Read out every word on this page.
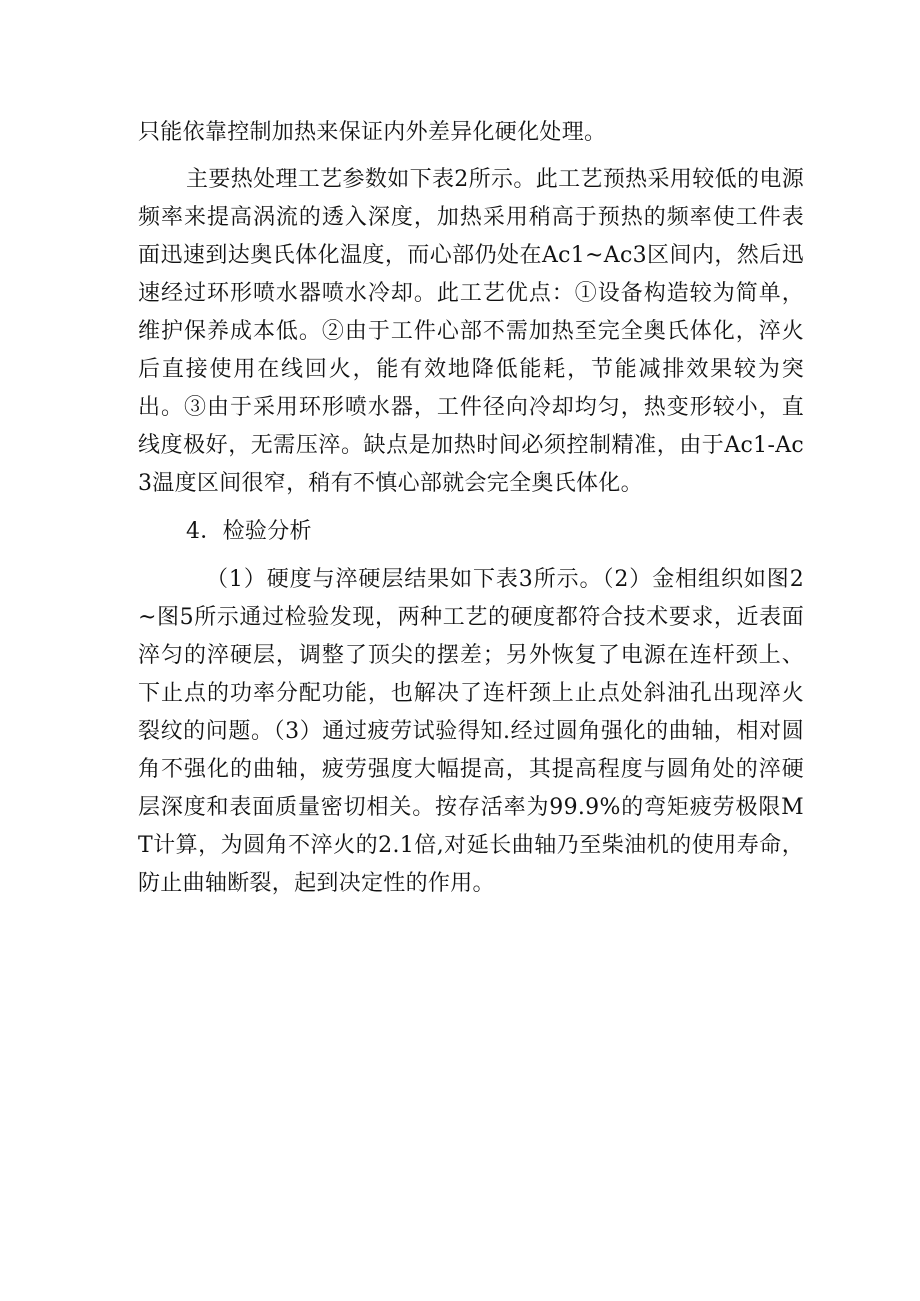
只能依靠控制加热来保证内外差异化硬化处理。

主要热处理工艺参数如下表2所示。此工艺预热采用较低的电源频率来提高涡流的透入深度，加热采用稍高于预热的频率使工件表面迅速到达奥氏体化温度，而心部仍处在Ac1~Ac3区间内，然后迅速经过环形喷水器喷水冷却。此工艺优点：①设备构造较为简单，维护保养成本低。②由于工件心部不需加热至完全奥氏体化，淬火后直接使用在线回火，能有效地降低能耗，节能减排效果较为突出。③由于采用环形喷水器，工件径向冷却均匀，热变形较小，直线度极好，无需压淬。缺点是加热时间必须控制精准，由于Ac1-Ac3温度区间很窄，稍有不慎心部就会完全奥氏体化。

4．检验分析

（1）硬度与淬硬层结果如下表3所示。（2）金相组织如图2~图5所示通过检验发现，两种工艺的硬度都符合技术要求，近表面淬匀的淬硬层，调整了顶尖的摆差；另外恢复了电源在连杆颈上、下止点的功率分配功能，也解决了连杆颈上止点处斜油孔出现淬火裂纹的问题。（3）通过疲劳试验得知.经过圆角强化的曲轴，相对圆角不强化的曲轴，疲劳强度大幅提高，其提高程度与圆角处的淬硬层深度和表面质量密切相关。按存活率为99.9%的弯矩疲劳极限MT计算，为圆角不淬火的2.1倍,对延长曲轴乃至柴油机的使用寿命，防止曲轴断裂，起到决定性的作用。
